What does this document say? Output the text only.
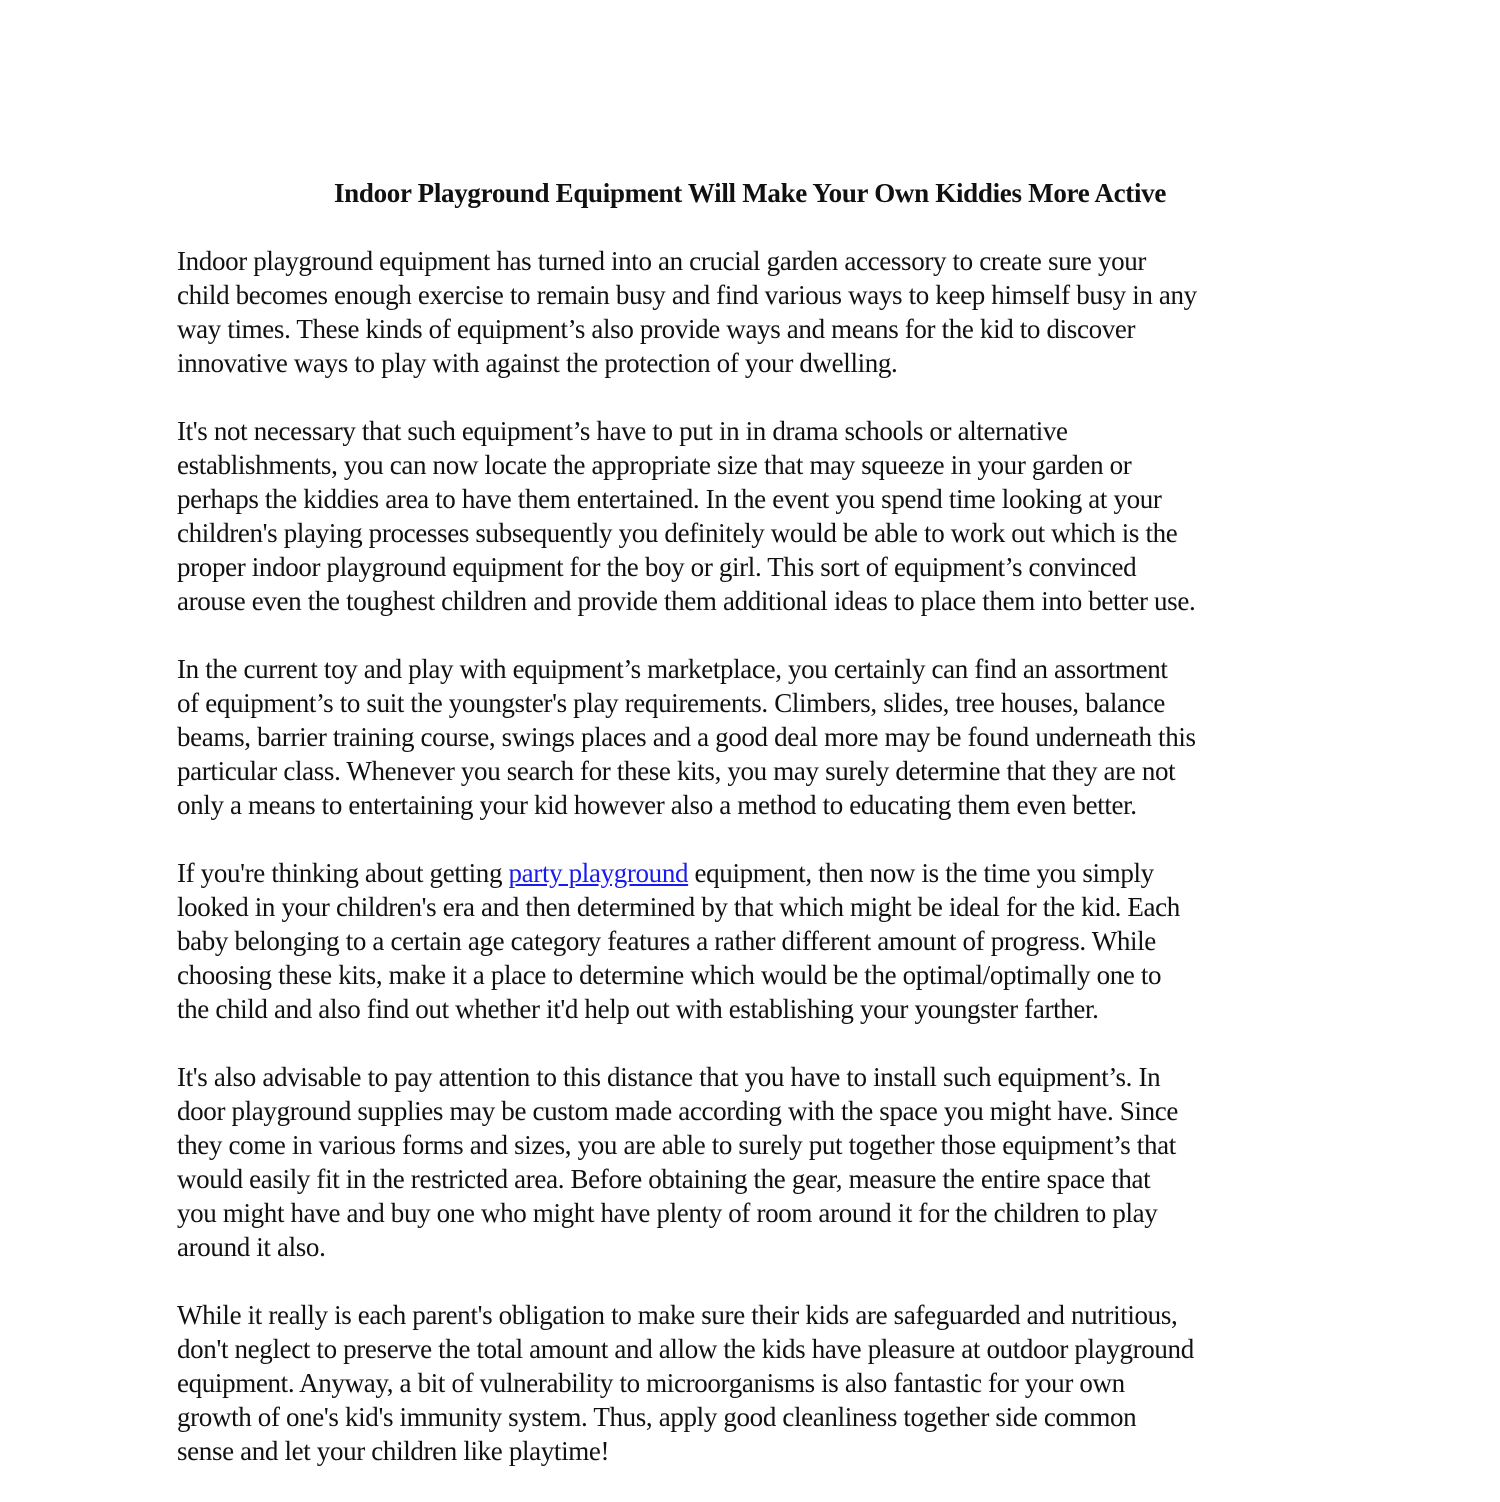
Indoor Playground Equipment Will Make Your Own Kiddies More Active
Indoor playground equipment has turned into an crucial garden accessory to create sure your
child becomes enough exercise to remain busy and find various ways to keep himself busy in any
way times. These kinds of equipment’s also provide ways and means for the kid to discover
innovative ways to play with against the protection of your dwelling.
It's not necessary that such equipment’s have to put in in drama schools or alternative
establishments, you can now locate the appropriate size that may squeeze in your garden or
perhaps the kiddies area to have them entertained. In the event you spend time looking at your
children's playing processes subsequently you definitely would be able to work out which is the
proper indoor playground equipment for the boy or girl. This sort of equipment’s convinced
arouse even the toughest children and provide them additional ideas to place them into better use.
In the current toy and play with equipment’s marketplace, you certainly can find an assortment
of equipment’s to suit the youngster's play requirements. Climbers, slides, tree houses, balance
beams, barrier training course, swings places and a good deal more may be found underneath this
particular class. Whenever you search for these kits, you may surely determine that they are not
only a means to entertaining your kid however also a method to educating them even better.
If you're thinking about getting party playground equipment, then now is the time you simply
looked in your children's era and then determined by that which might be ideal for the kid. Each
baby belonging to a certain age category features a rather different amount of progress. While
choosing these kits, make it a place to determine which would be the optimal/optimally one to
the child and also find out whether it'd help out with establishing your youngster farther.
It's also advisable to pay attention to this distance that you have to install such equipment’s. In
door playground supplies may be custom made according with the space you might have. Since
they come in various forms and sizes, you are able to surely put together those equipment’s that
would easily fit in the restricted area. Before obtaining the gear, measure the entire space that
you might have and buy one who might have plenty of room around it for the children to play
around it also.
While it really is each parent's obligation to make sure their kids are safeguarded and nutritious,
don't neglect to preserve the total amount and allow the kids have pleasure at outdoor playground
equipment. Anyway, a bit of vulnerability to microorganisms is also fantastic for your own
growth of one's kid's immunity system. Thus, apply good cleanliness together side common
sense and let your children like playtime!
